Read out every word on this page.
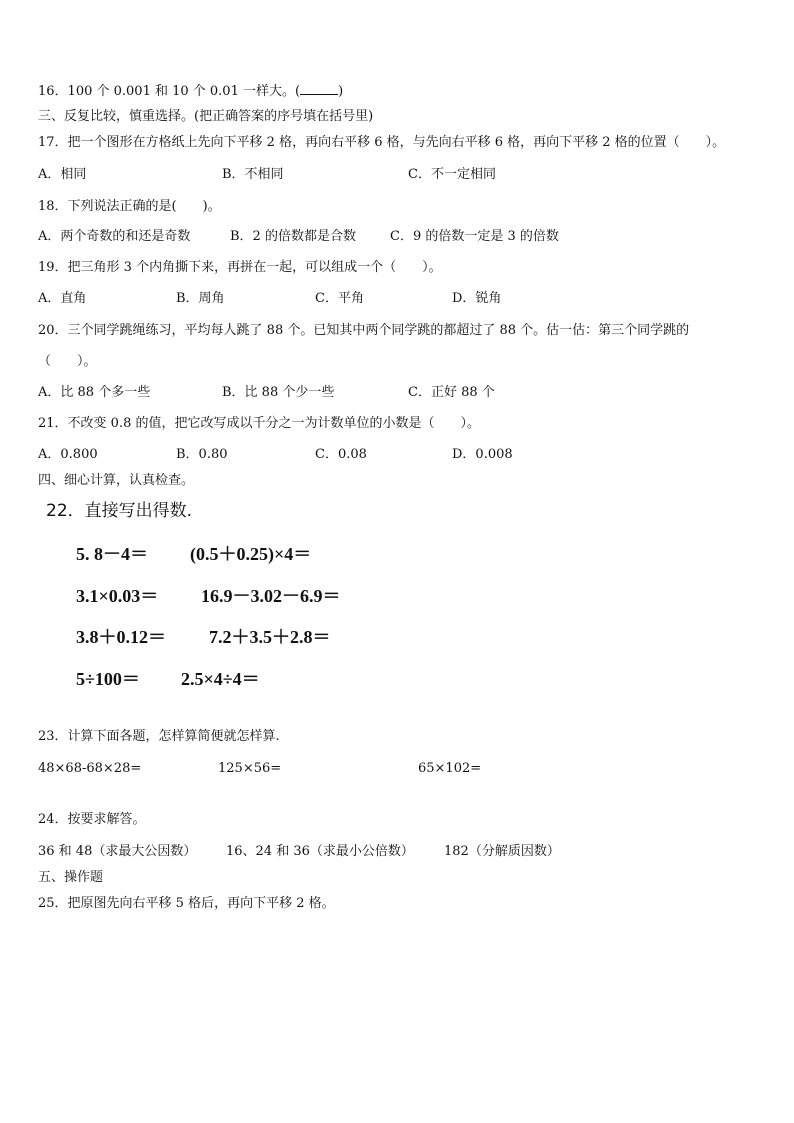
16．100 个 0.001 和 10 个 0.01 一样大。(	)
三、反复比较，慎重选择。(把正确答案的序号填在括号里)
17．把一个图形在方格纸上先向下平移 2 格，再向右平移 6 格，与先向右平移 6 格，再向下平移 2 格的位置（　　）。
A．相同	B．不相同	C．不一定相同
18．下列说法正确的是(　　)。
A．两个奇数的和还是奇数	B．2 的倍数都是合数	C．9 的倍数一定是 3 的倍数
19．把三角形 3 个内角撕下来，再拼在一起，可以组成一个（　　）。
A．直角	B．周角	C．平角	D．锐角
20．三个同学跳绳练习，平均每人跳了 88 个。已知其中两个同学跳的都超过了 88 个。估一估：第三个同学跳的
（　　）。
A．比 88 个多一些	B．比 88 个少一些	C．正好 88 个
21．不改变 0.8 的值，把它改写成以千分之一为计数单位的小数是（　　）。
A．0.800	B．0.80	C．0.08	D．0.008
四、细心计算，认真检查。
22．直接写出得数.
5. 8－4＝ (0.5＋0.25)×4＝
3.1×0.03＝ 16.9－3.02－6.9＝
3.8＋0.12＝ 7.2＋3.5＋2.8＝
5÷100＝ 2.5×4÷4＝
23．计算下面各题，怎样算简便就怎样算.
48×68-68×28=	125×56=	65×102=
24．按要求解答。
36 和 48（求最大公因数） 16、24 和 36（求最小公倍数） 182（分解质因数）
五、操作题
25．把原图先向右平移 5 格后，再向下平移 2 格。
